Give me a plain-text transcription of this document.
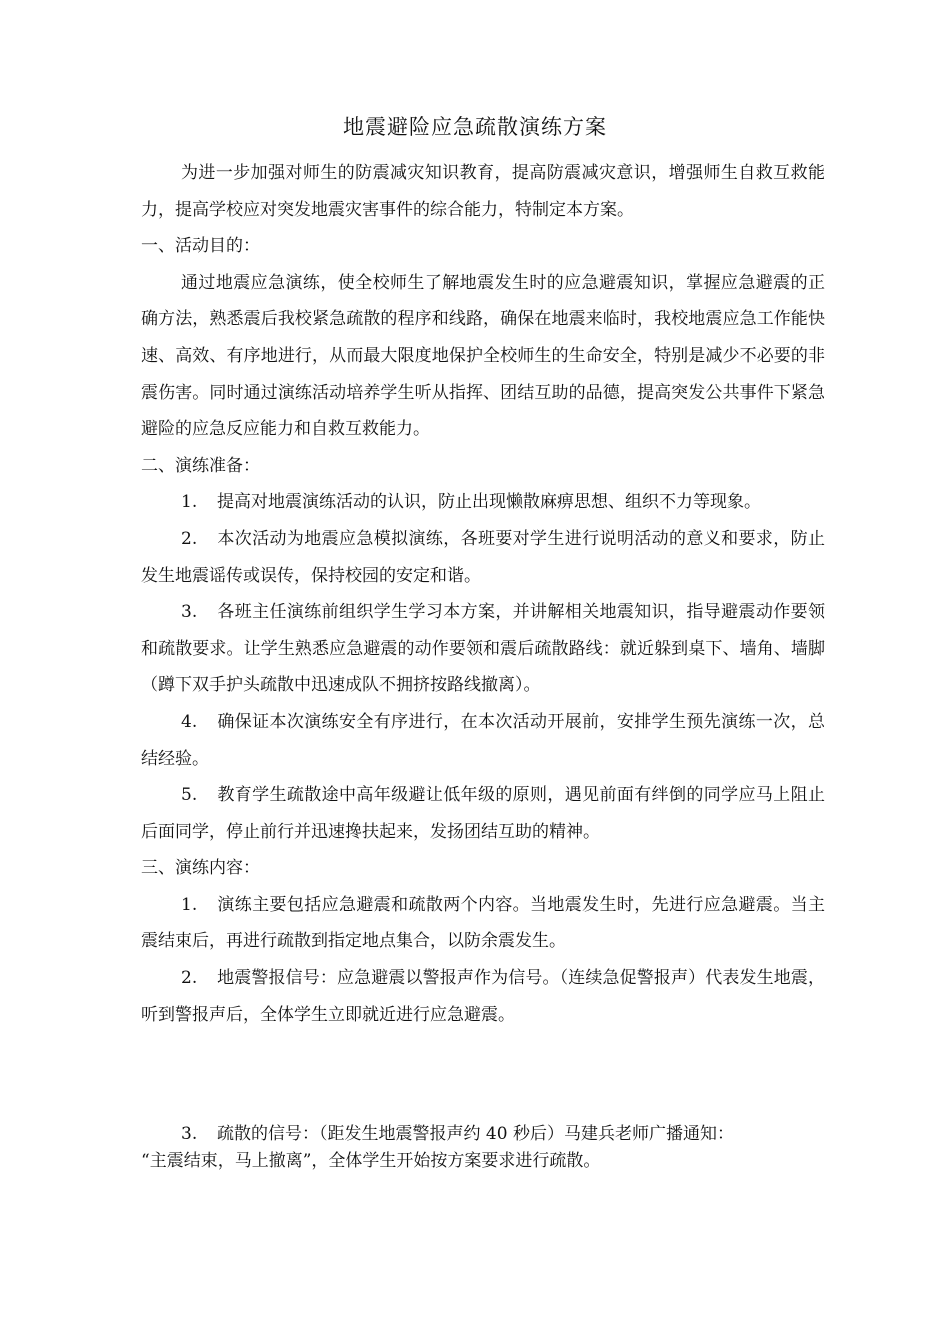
地震避险应急疏散演练方案

为进一步加强对师生的防震减灾知识教育，提高防震减灾意识，增强师生自救互救能力，提高学校应对突发地震灾害事件的综合能力，特制定本方案。

一、活动目的：

通过地震应急演练，使全校师生了解地震发生时的应急避震知识，掌握应急避震的正确方法，熟悉震后我校紧急疏散的程序和线路，确保在地震来临时，我校地震应急工作能快速、高效、有序地进行，从而最大限度地保护全校师生的生命安全，特别是减少不必要的非震伤害。同时通过演练活动培养学生听从指挥、团结互助的品德，提高突发公共事件下紧急避险的应急反应能力和自救互救能力。

二、演练准备：

1. 提高对地震演练活动的认识，防止出现懒散麻痹思想、组织不力等现象。

2. 本次活动为地震应急模拟演练，各班要对学生进行说明活动的意义和要求，防止发生地震谣传或误传，保持校园的安定和谐。

3. 各班主任演练前组织学生学习本方案，并讲解相关地震知识，指导避震动作要领和疏散要求。让学生熟悉应急避震的动作要领和震后疏散路线：就近躲到桌下、墙角、墙脚（蹲下双手护头疏散中迅速成队不拥挤按路线撤离）。

4. 确保证本次演练安全有序进行，在本次活动开展前，安排学生预先演练一次，总结经验。

5. 教育学生疏散途中高年级避让低年级的原则，遇见前面有绊倒的同学应马上阻止后面同学，停止前行并迅速搀扶起来，发扬团结互助的精神。

三、演练内容：

1. 演练主要包括应急避震和疏散两个内容。当地震发生时，先进行应急避震。当主震结束后，再进行疏散到指定地点集合，以防余震发生。

2. 地震警报信号：应急避震以警报声作为信号。（连续急促警报声）代表发生地震，听到警报声后，全体学生立即就近进行应急避震。

3. 疏散的信号：（距发生地震警报声约 40 秒后）马建兵老师广播通知：

“主震结束，马上撤离”，全体学生开始按方案要求进行疏散。
